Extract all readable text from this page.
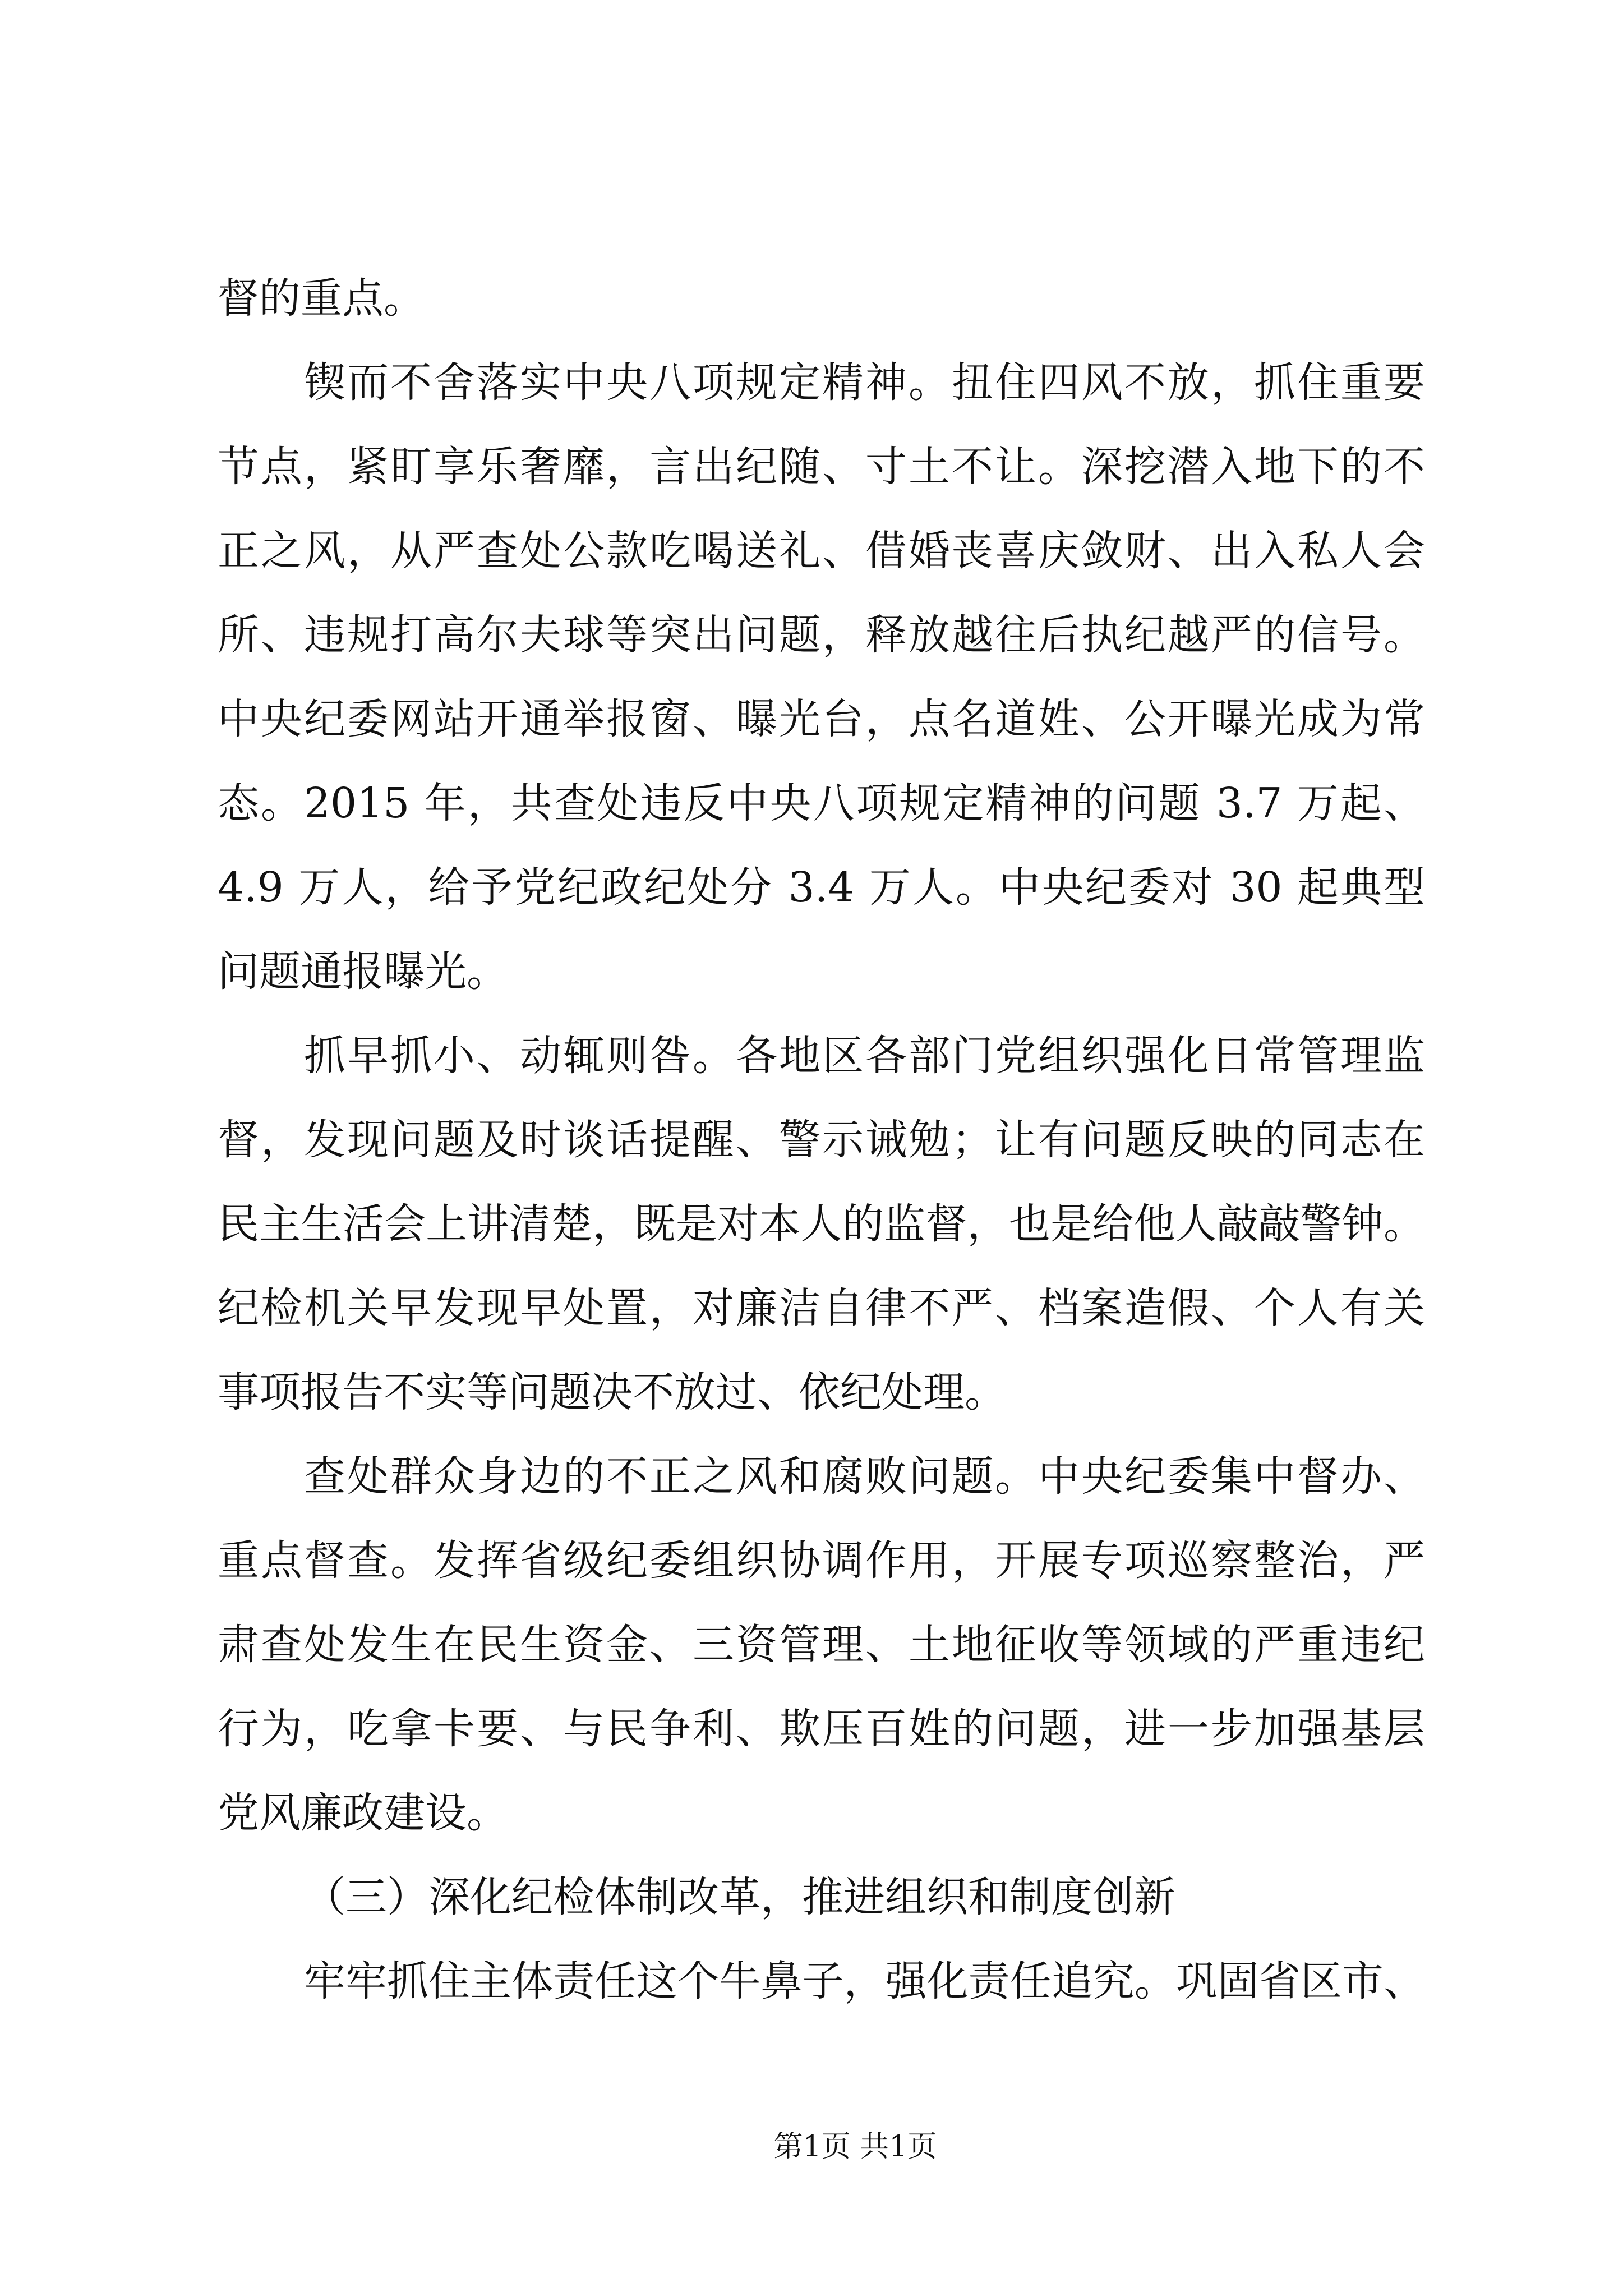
督的重点。
锲而不舍落实中央八项规定精神。扭住四风不放，抓住重要
节点，紧盯享乐奢靡，言出纪随、寸土不让。深挖潜入地下的不
正之风，从严查处公款吃喝送礼、借婚丧喜庆敛财、出入私人会
所、违规打高尔夫球等突出问题，释放越往后执纪越严的信号。
中央纪委网站开通举报窗、曝光台，点名道姓、公开曝光成为常
态。2015 年，共查处违反中央八项规定精神的问题 3.7 万起、
4.9 万人，给予党纪政纪处分 3.4 万人。中央纪委对 30 起典型
问题通报曝光。
抓早抓小、动辄则咎。各地区各部门党组织强化日常管理监
督，发现问题及时谈话提醒、警示诫勉；让有问题反映的同志在
民主生活会上讲清楚，既是对本人的监督，也是给他人敲敲警钟。
纪检机关早发现早处置，对廉洁自律不严、档案造假、个人有关
事项报告不实等问题决不放过、依纪处理。
查处群众身边的不正之风和腐败问题。中央纪委集中督办、
重点督查。发挥省级纪委组织协调作用，开展专项巡察整治，严
肃查处发生在民生资金、三资管理、土地征收等领域的严重违纪
行为，吃拿卡要、与民争利、欺压百姓的问题，进一步加强基层
党风廉政建设。
（三）深化纪检体制改革，推进组织和制度创新
牢牢抓住主体责任这个牛鼻子，强化责任追究。巩固省区市、
第1页 共1页
